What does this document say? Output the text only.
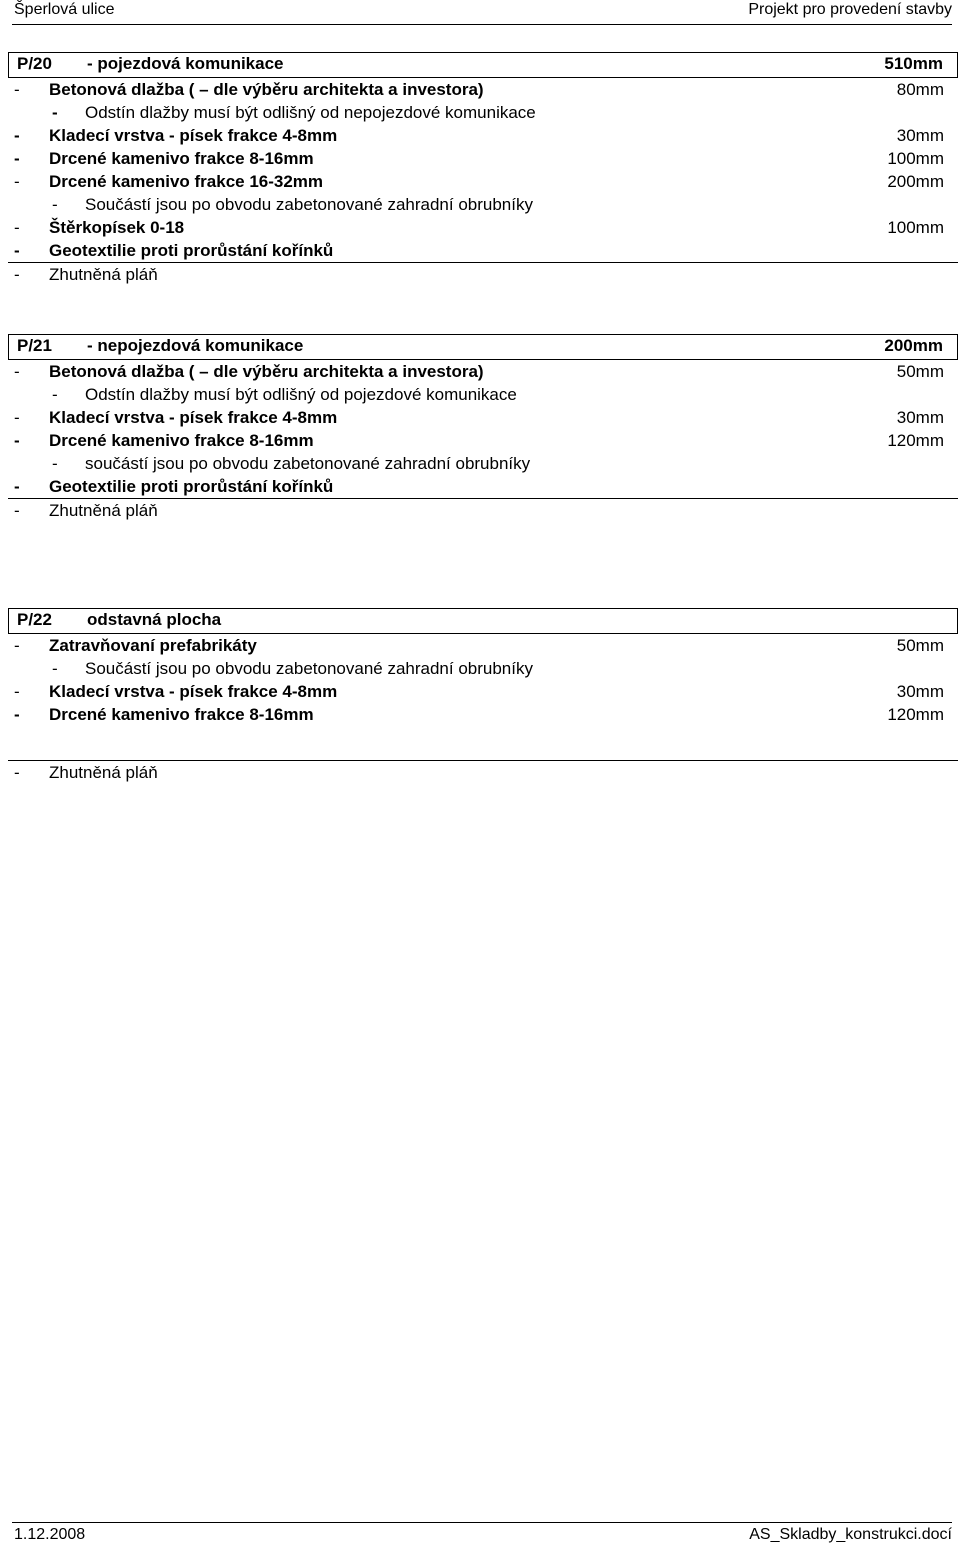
Šperlová ulice	Projekt pro provedení stavby
P/20 - pojezdová komunikace	510mm
- Betonová dlažba ( – dle výběru architekta a investora)	80mm
- Odstín dlažby musí být odlišný od nepojezdové komunikace
- Kladecí vrstva - písek frakce 4-8mm	30mm
- Drcené kamenivo frakce 8-16mm	100mm
- Drcené kamenivo frakce 16-32mm	200mm
- Součástí jsou po obvodu zabetonované zahradní obrubníky
- Štěrkopísek 0-18	100mm
- Geotextilie proti prorůstání kořínků
- Zhutněná pláň
P/21 - nepojezdová komunikace	200mm
- Betonová dlažba ( – dle výběru architekta a investora)	50mm
- Odstín dlažby musí být odlišný od pojezdové komunikace
- Kladecí vrstva - písek frakce 4-8mm	30mm
- Drcené kamenivo frakce 8-16mm	120mm
- součástí jsou po obvodu zabetonované zahradní obrubníky
- Geotextilie proti prorůstání kořínků
- Zhutněná pláň
P/22 odstavná plocha
- Zatravňovaní prefabrikáty	50mm
- Součástí jsou po obvodu zabetonované zahradní obrubníky
- Kladecí vrstva - písek frakce 4-8mm	30mm
- Drcené kamenivo frakce 8-16mm	120mm
- Zhutněná pláň
1.12.2008	AS_Skladby_konstrukci.docí
